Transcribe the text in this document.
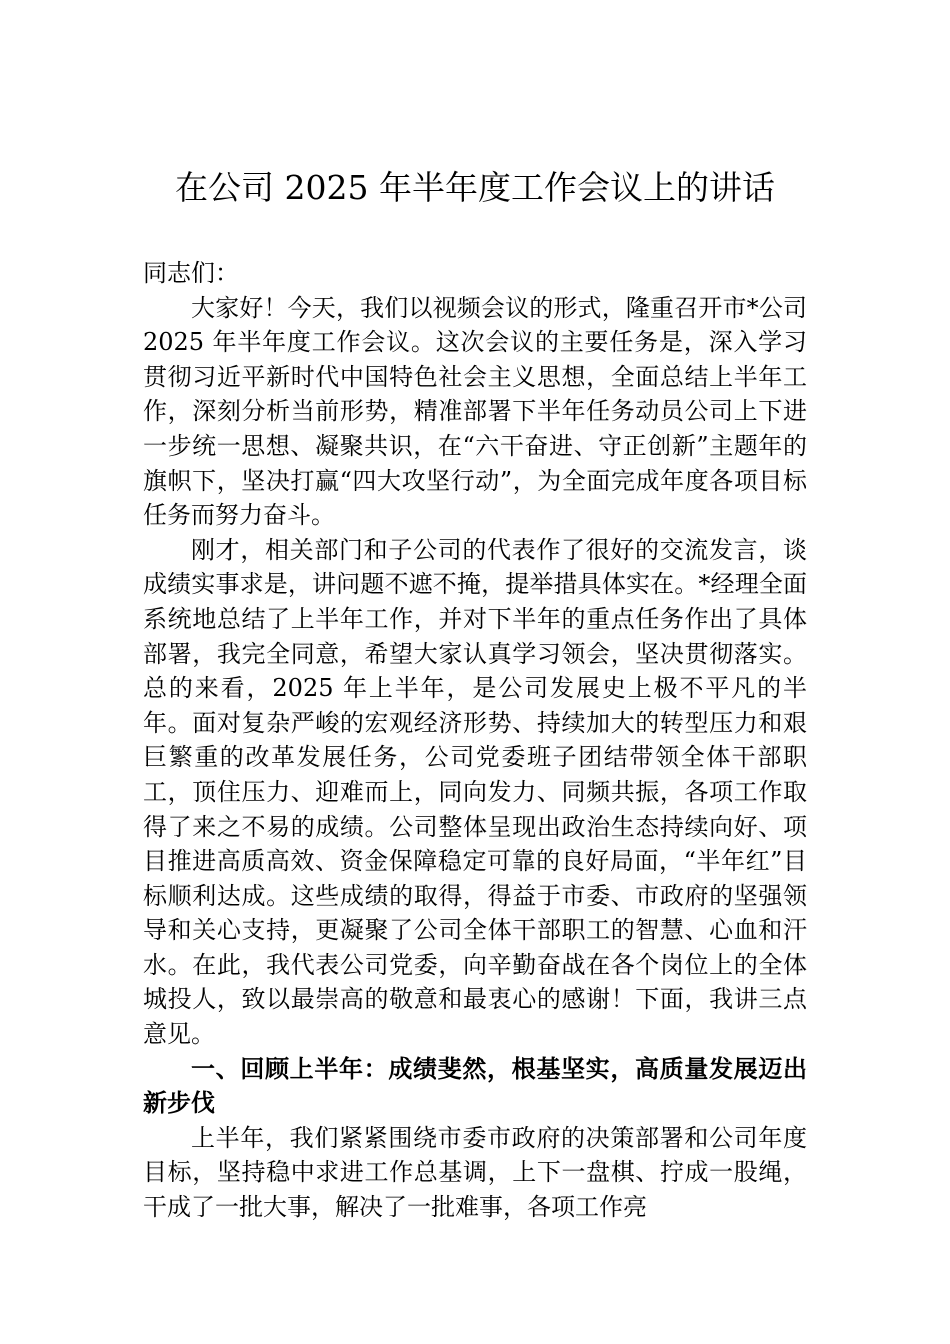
在公司 2025 年半年度工作会议上的讲话

同志们：

大家好！今天，我们以视频会议的形式，隆重召开市*公司 2025 年半年度工作会议。这次会议的主要任务是，深入学习贯彻习近平新时代中国特色社会主义思想，全面总结上半年工作，深刻分析当前形势，精准部署下半年任务动员公司上下进一步统一思想、凝聚共识，在“六干奋进、守正创新”主题年的旗帜下，坚决打赢“四大攻坚行动”，为全面完成年度各项目标任务而努力奋斗。

刚才，相关部门和子公司的代表作了很好的交流发言，谈成绩实事求是，讲问题不遮不掩，提举措具体实在。*经理全面系统地总结了上半年工作，并对下半年的重点任务作出了具体部署，我完全同意，希望大家认真学习领会，坚决贯彻落实。总的来看，2025 年上半年，是公司发展史上极不平凡的半年。面对复杂严峻的宏观经济形势、持续加大的转型压力和艰巨繁重的改革发展任务，公司党委班子团结带领全体干部职工，顶住压力、迎难而上，同向发力、同频共振，各项工作取得了来之不易的成绩。公司整体呈现出政治生态持续向好、项目推进高质高效、资金保障稳定可靠的良好局面，“半年红”目标顺利达成。这些成绩的取得，得益于市委、市政府的坚强领导和关心支持，更凝聚了公司全体干部职工的智慧、心血和汗水。在此，我代表公司党委，向辛勤奋战在各个岗位上的全体城投人，致以最崇高的敬意和最衷心的感谢！下面，我讲三点意见。

一、回顾上半年：成绩斐然，根基坚实，高质量发展迈出新步伐

上半年，我们紧紧围绕市委市政府的决策部署和公司年度目标，坚持稳中求进工作总基调，上下一盘棋、拧成一股绳，干成了一批大事，解决了一批难事，各项工作亮
